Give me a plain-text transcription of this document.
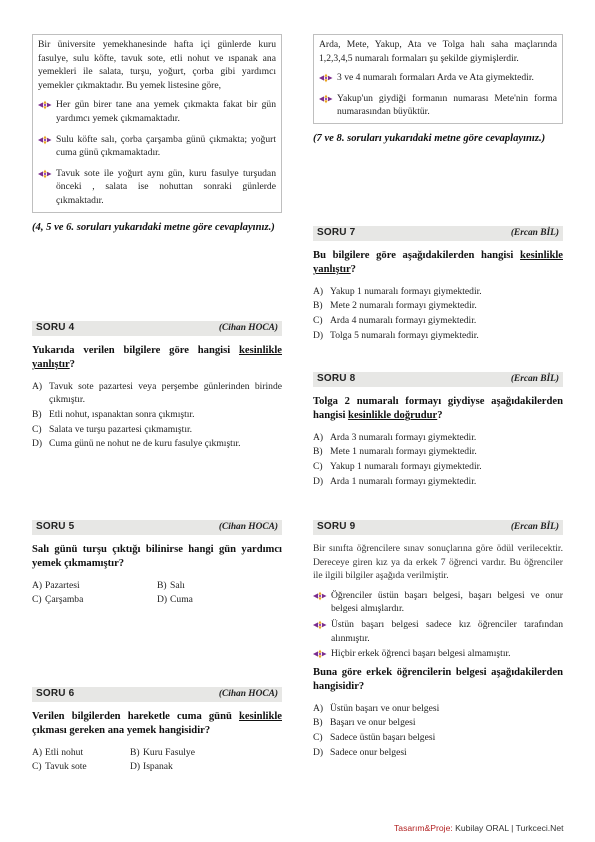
Bir üniversite yemekhanesinde hafta içi günlerde kuru fasulye, sulu köfte, tavuk sote, etli nohut ve ıspanak ana yemekleri ile salata, turşu, yoğurt, çorba gibi yardımcı yemekler çıkmaktadır. Bu yemek listesine göre,

Her gün birer tane ana yemek çıkmakta fakat bir gün yardımcı yemek çıkmamaktadır.
Sulu köfte salı, çorba çarşamba günü çıkmakta; yoğurt cuma günü çıkmamaktadır.
Tavuk sote ile yoğurt aynı gün, kuru fasulye turşudan önceki , salata ise nohuttan sonraki günlerde çıkmaktadır.
(4, 5 ve 6. soruları yukarıdaki metne göre cevaplayınız.)
SORU 4	(Cihan HOCA)
Yukarıda verilen bilgilere göre hangisi kesinlikle yanlıştır?
A) Tavuk sote pazartesi veya perşembe günlerinden birinde çıkmıştır.
B) Etli nohut, ıspanaktan sonra çıkmıştır.
C) Salata ve turşu pazartesi çıkmamıştır.
D) Cuma günü ne nohut ne de kuru fasulye çıkmıştır.
SORU 5	(Cihan HOCA)
Salı günü turşu çıktığı bilinirse hangi gün yardımcı yemek çıkmamıştır?
A) Pazartesi	B) Salı
C) Çarşamba	D) Cuma
SORU 6	(Cihan HOCA)
Verilen bilgilerden hareketle cuma günü kesinlikle çıkması gereken ana yemek hangisidir?
A) Etli nohut	B) Kuru Fasulye
C) Tavuk sote	D) Ispanak

Arda, Mete, Yakup, Ata ve Tolga halı saha maçlarında 1,2,3,4,5 numaralı formaları şu şekilde giymişlerdir.

3 ve 4 numaralı formaları Arda ve Ata giymektedir.
Yakup'un giydiği formanın numarası Mete'nin forma numarasından büyüktür.
(7 ve 8. soruları yukarıdaki metne göre cevaplayınız.)
SORU 7	(Ercan BİL)
Bu bilgilere göre aşağıdakilerden hangisi kesinlikle yanlıştır?
A) Yakup 1 numaralı formayı giymektedir.
B) Mete 2 numaralı formayı giymektedir.
C) Arda 4 numaralı formayı giymektedir.
D) Tolga 5 numaralı formayı giymektedir.
SORU 8	(Ercan BİL)
Tolga 2 numaralı formayı giydiyse aşağıdakilerden hangisi kesinlikle doğrudur?
A) Arda 3 numaralı formayı giymektedir.
B) Mete 1 numaralı formayı giymektedir.
C) Yakup 1 numaralı formayı giymektedir.
D) Arda 1 numaralı formayı giymektedir.
SORU 9	(Ercan BİL)
Bir sınıfta öğrencilere sınav sonuçlarına göre ödül verilecektir. Dereceye giren kız ya da erkek 7 öğrenci vardır. Bu öğrenciler ile ilgili bilgiler aşağıda verilmiştir.
Öğrenciler üstün başarı belgesi, başarı belgesi ve onur belgesi almışlardır.
Üstün başarı belgesi sadece kız öğrenciler tarafından alınmıştır.
Hiçbir erkek öğrenci başarı belgesi almamıştır.
Buna göre erkek öğrencilerin belgesi aşağıdakilerden hangisidir?
A) Üstün başarı ve onur belgesi
B) Başarı ve onur belgesi
C) Sadece üstün başarı belgesi
D) Sadece onur belgesi
Tasarım&Proje: Kubilay ORAL | Turkceci.Net
